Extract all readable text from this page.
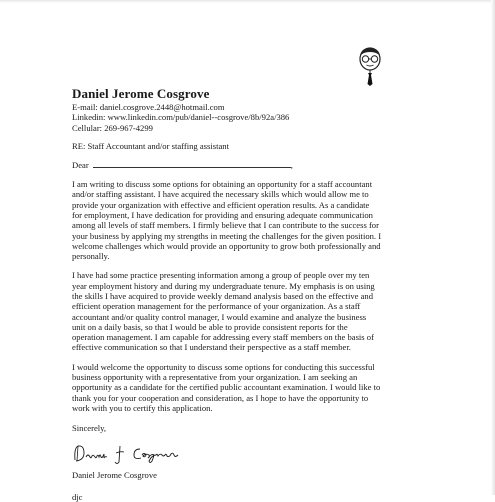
Daniel Jerome Cosgrove

E-mail: daniel.cosgrove.2448@hotmail.com

Linkedin: www.linkedin.com/pub/daniel--cosgrove/8b/92a/386

Cellular: 269-967-4299

RE: Staff Accountant and/or staffing assistant

Dear	,

I am writing to discuss some options for obtaining an opportunity for a staff accountant
and/or staffing assistant. I have acquired the necessary skills which would allow me to
provide your organization with effective and efficient operation results. As a candidate
for employment, I have dedication for providing and ensuring adequate communication
among all levels of staff members. I firmly believe that I can contribute to the success for
your business by applying my strengths in meeting the challenges for the given position. I
welcome challenges which would provide an opportunity to grow both professionally and
personally.
I have had some practice presenting information among a group of people over my ten
year employment history and during my undergraduate tenure. My emphasis is on using
the skills I have acquired to provide weekly demand analysis based on the effective and
efficient operation management for the performance of your organization. As a staff
accountant and/or quality control manager, I would examine and analyze the business
unit on a daily basis, so that I would be able to provide consistent reports for the
operation management. I am capable for addressing every staff members on the basis of
effective communication so that I understand their perspective as a staff member.
I would welcome the opportunity to discuss some options for conducting this successful
business opportunity with a representative from your organization. I am seeking an
opportunity as a candidate for the certified public accountant examination. I would like to
thank you for your cooperation and consideration, as I hope to have the opportunity to
work with you to certify this application.

Sincerely,

Daniel Jerome Cosgrove

djc
